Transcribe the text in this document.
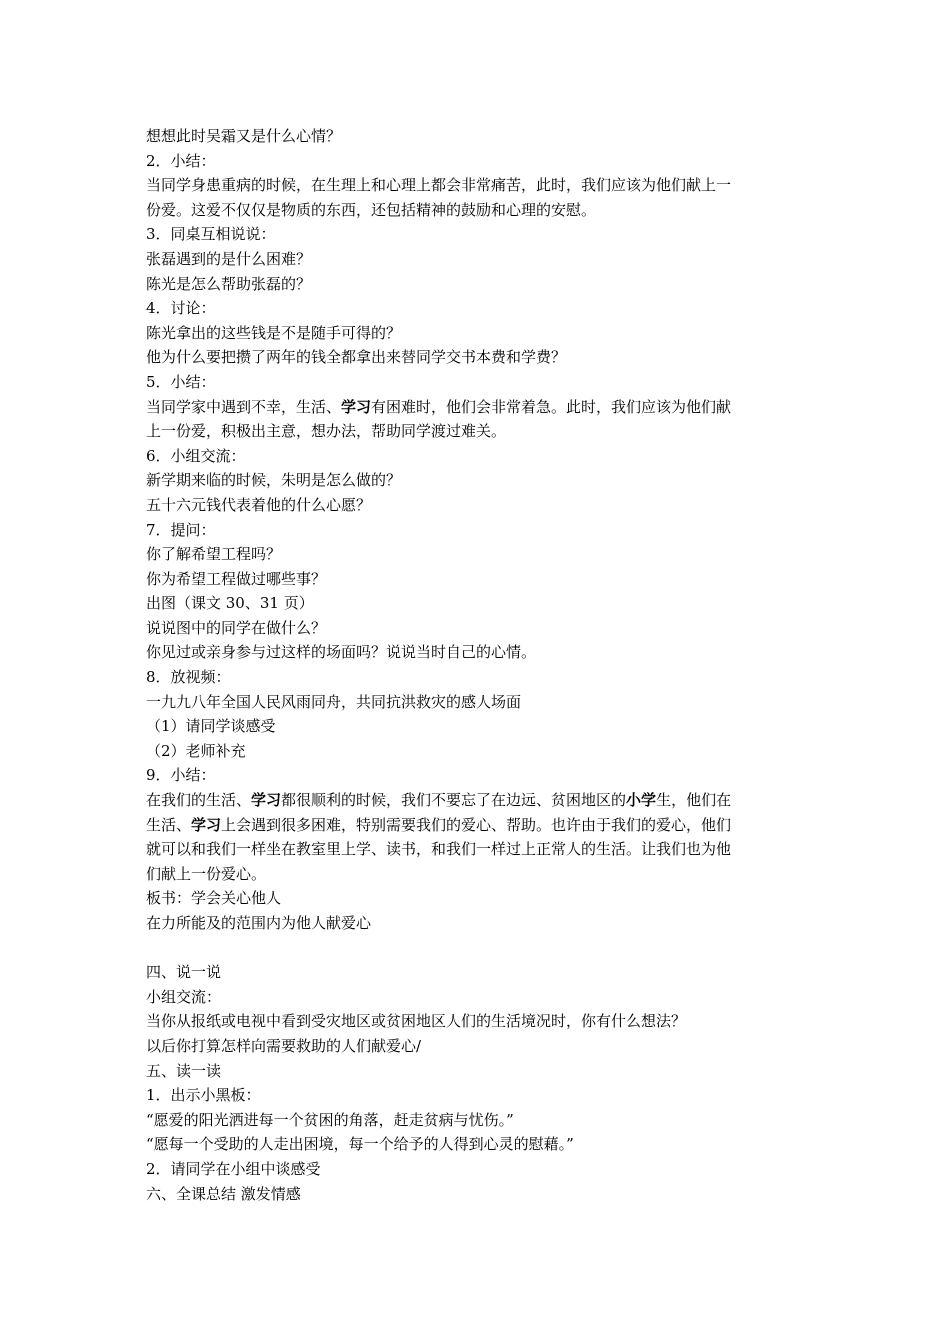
想想此时吴霜又是什么心情？
2．小结：
当同学身患重病的时候，在生理上和心理上都会非常痛苦，此时，我们应该为他们献上一
份爱。这爱不仅仅是物质的东西，还包括精神的鼓励和心理的安慰。
3．同桌互相说说：
张磊遇到的是什么困难？
陈光是怎么帮助张磊的？
4．讨论：
陈光拿出的这些钱是不是随手可得的？
他为什么要把攒了两年的钱全都拿出来替同学交书本费和学费？
5．小结：
当同学家中遇到不幸，生活、学习有困难时，他们会非常着急。此时，我们应该为他们献
上一份爱，积极出主意，想办法，帮助同学渡过难关。
6．小组交流：
新学期来临的时候，朱明是怎么做的？
五十六元钱代表着他的什么心愿？
7．提问：
你了解希望工程吗？
你为希望工程做过哪些事？
出图（课文 30、31 页）
说说图中的同学在做什么？
你见过或亲身参与过这样的场面吗？说说当时自己的心情。
8．放视频：
一九九八年全国人民风雨同舟，共同抗洪救灾的感人场面
（1）请同学谈感受
（2）老师补充
9．小结：
在我们的生活、学习都很顺利的时候，我们不要忘了在边远、贫困地区的小学生，他们在
生活、学习上会遇到很多困难，特别需要我们的爱心、帮助。也许由于我们的爱心，他们
就可以和我们一样坐在教室里上学、读书，和我们一样过上正常人的生活。让我们也为他
们献上一份爱心。
板书：学会关心他人
在力所能及的范围内为他人献爱心
四、说一说
小组交流：
当你从报纸或电视中看到受灾地区或贫困地区人们的生活境况时，你有什么想法？
以后你打算怎样向需要救助的人们献爱心/
五、读一读
1．出示小黑板：
“愿爱的阳光洒进每一个贫困的角落，赶走贫病与忧伤。”
“愿每一个受助的人走出困境，每一个给予的人得到心灵的慰藉。”
2．请同学在小组中谈感受
六、全课总结 激发情感
